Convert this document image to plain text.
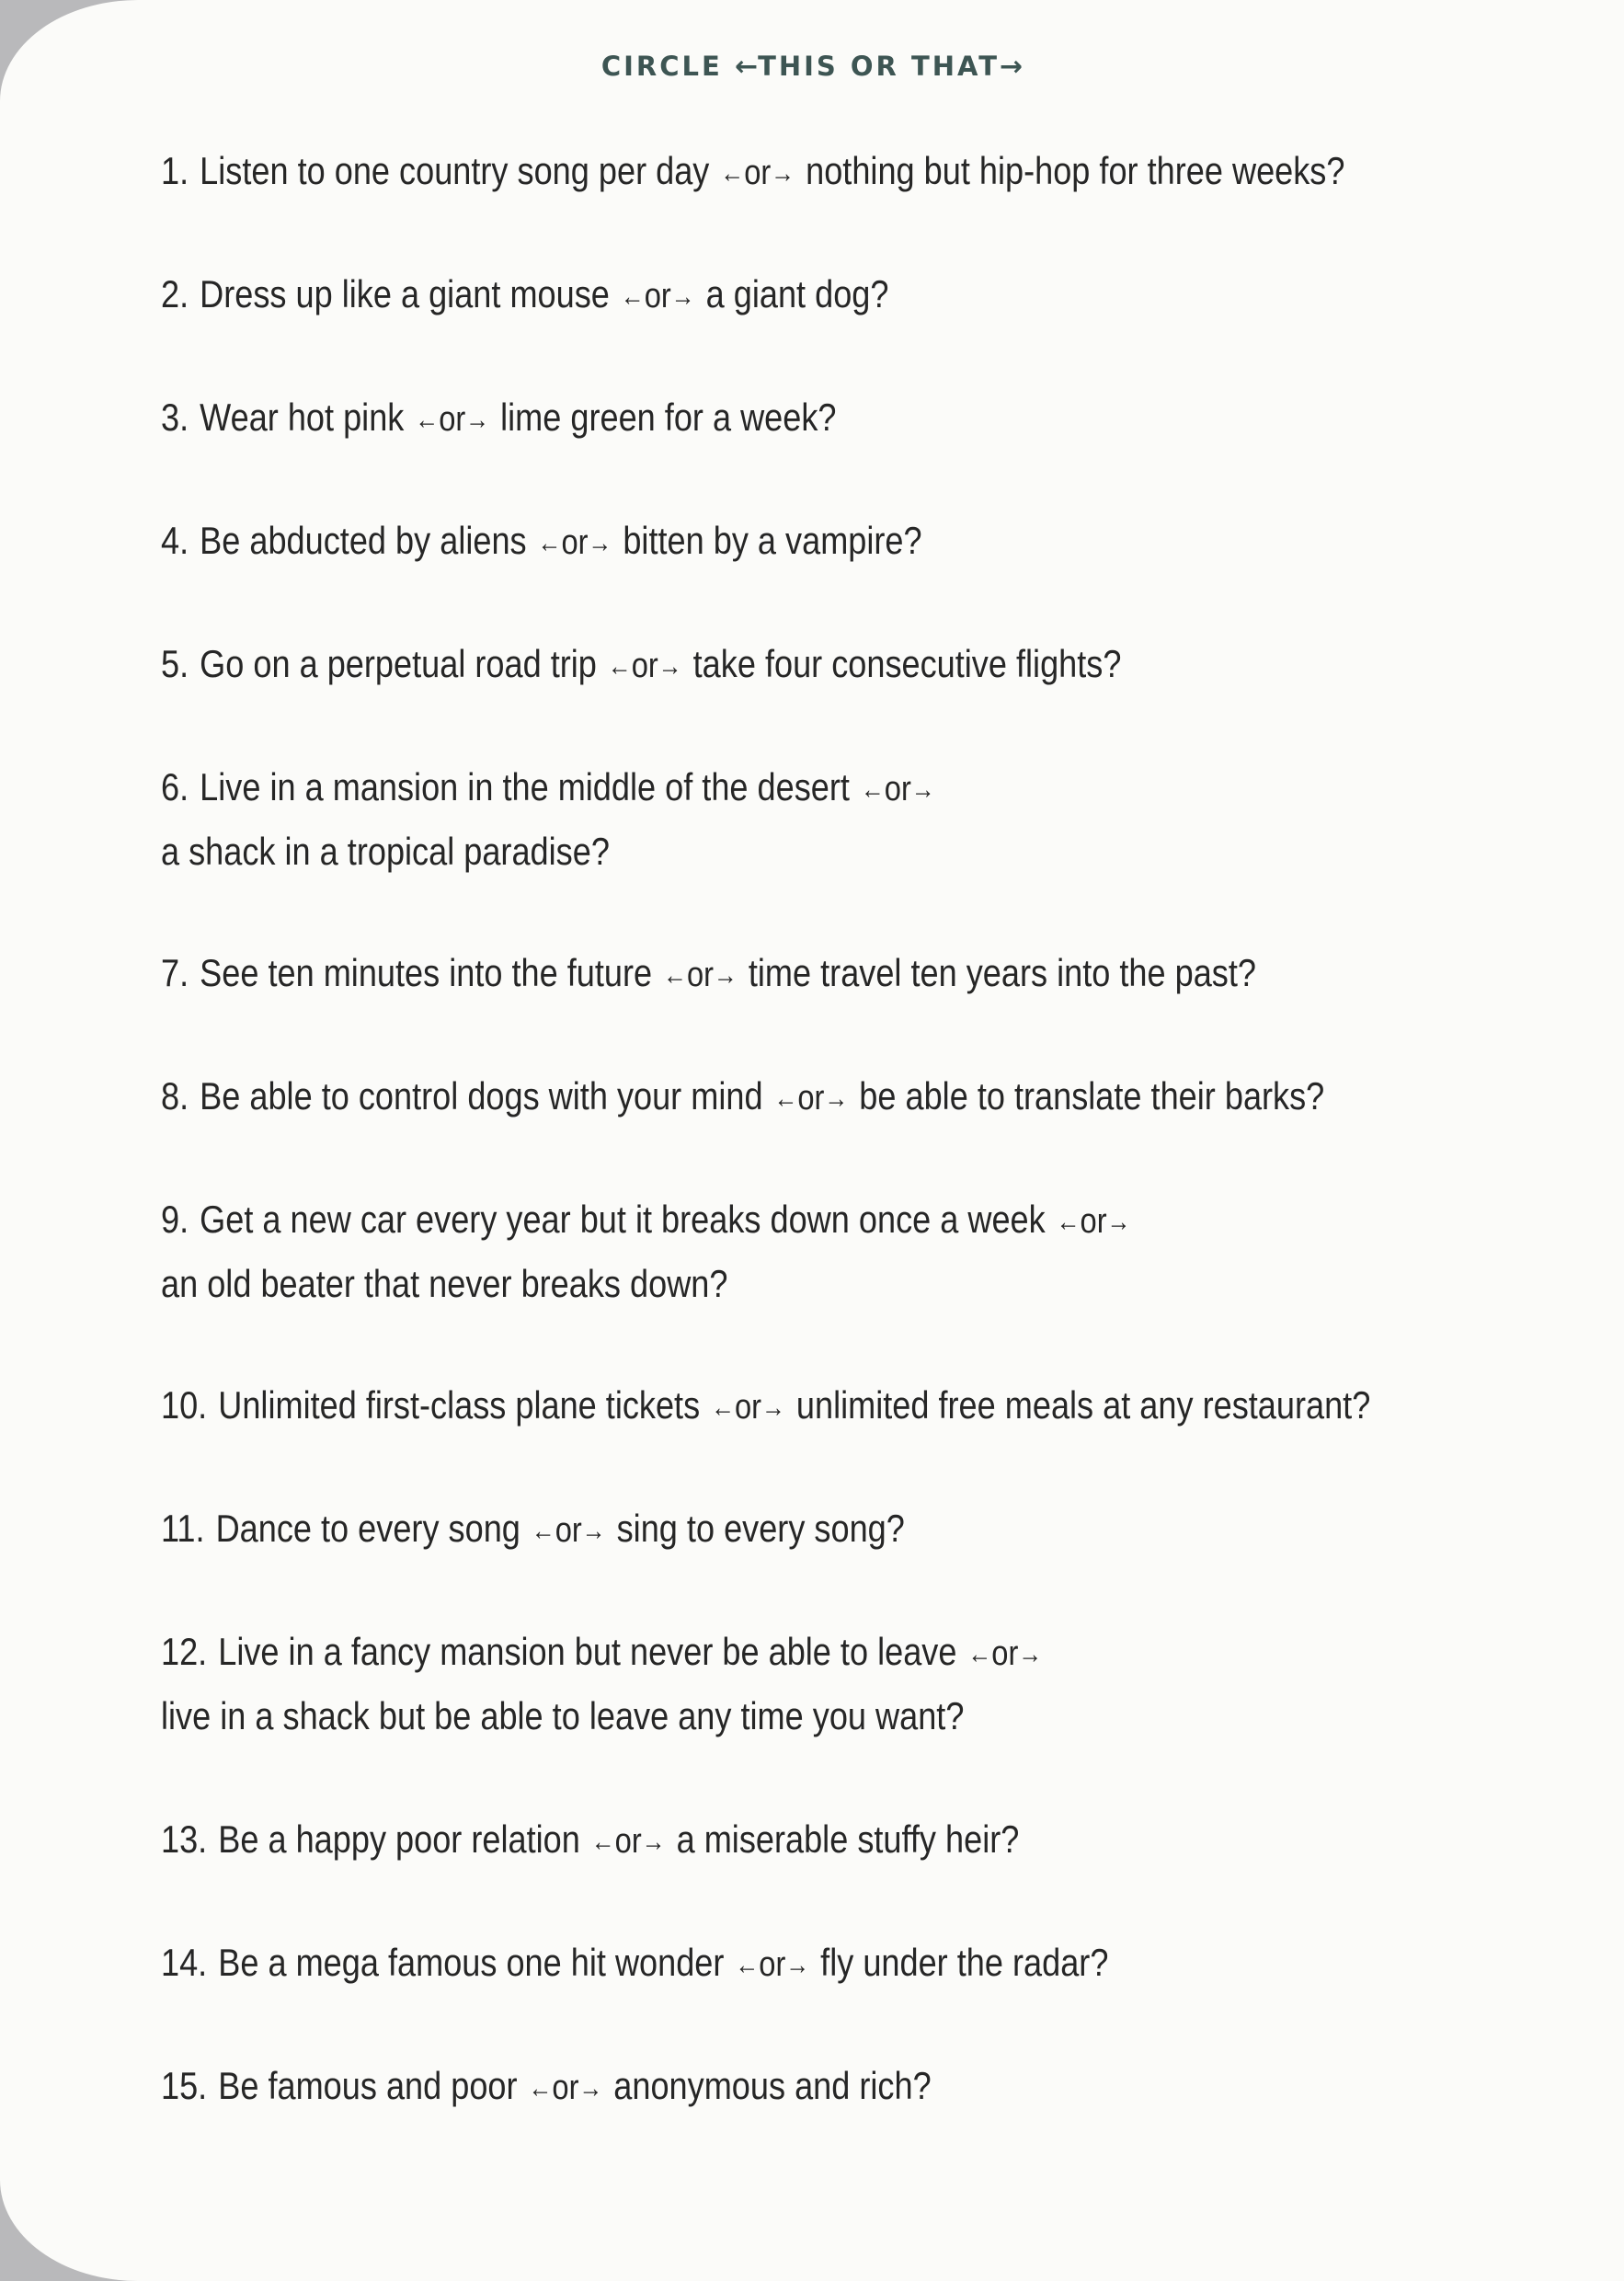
CIRCLE ←THIS OR THAT→
1. Listen to one country song per day ←or→ nothing but hip-hop for three weeks?
2. Dress up like a giant mouse ←or→ a giant dog?
3. Wear hot pink ←or→ lime green for a week?
4. Be abducted by aliens ←or→ bitten by a vampire?
5. Go on a perpetual road trip ←or→ take four consecutive flights?
6. Live in a mansion in the middle of the desert ←or→
a shack in a tropical paradise?
7. See ten minutes into the future ←or→ time travel ten years into the past?
8. Be able to control dogs with your mind ←or→ be able to translate their barks?
9. Get a new car every year but it breaks down once a week ←or→
an old beater that never breaks down?
10. Unlimited first-class plane tickets ←or→ unlimited free meals at any restaurant?
11. Dance to every song ←or→ sing to every song?
12. Live in a fancy mansion but never be able to leave ←or→
live in a shack but be able to leave any time you want?
13. Be a happy poor relation ←or→ a miserable stuffy heir?
14. Be a mega famous one hit wonder ←or→ fly under the radar?
15. Be famous and poor ←or→ anonymous and rich?
